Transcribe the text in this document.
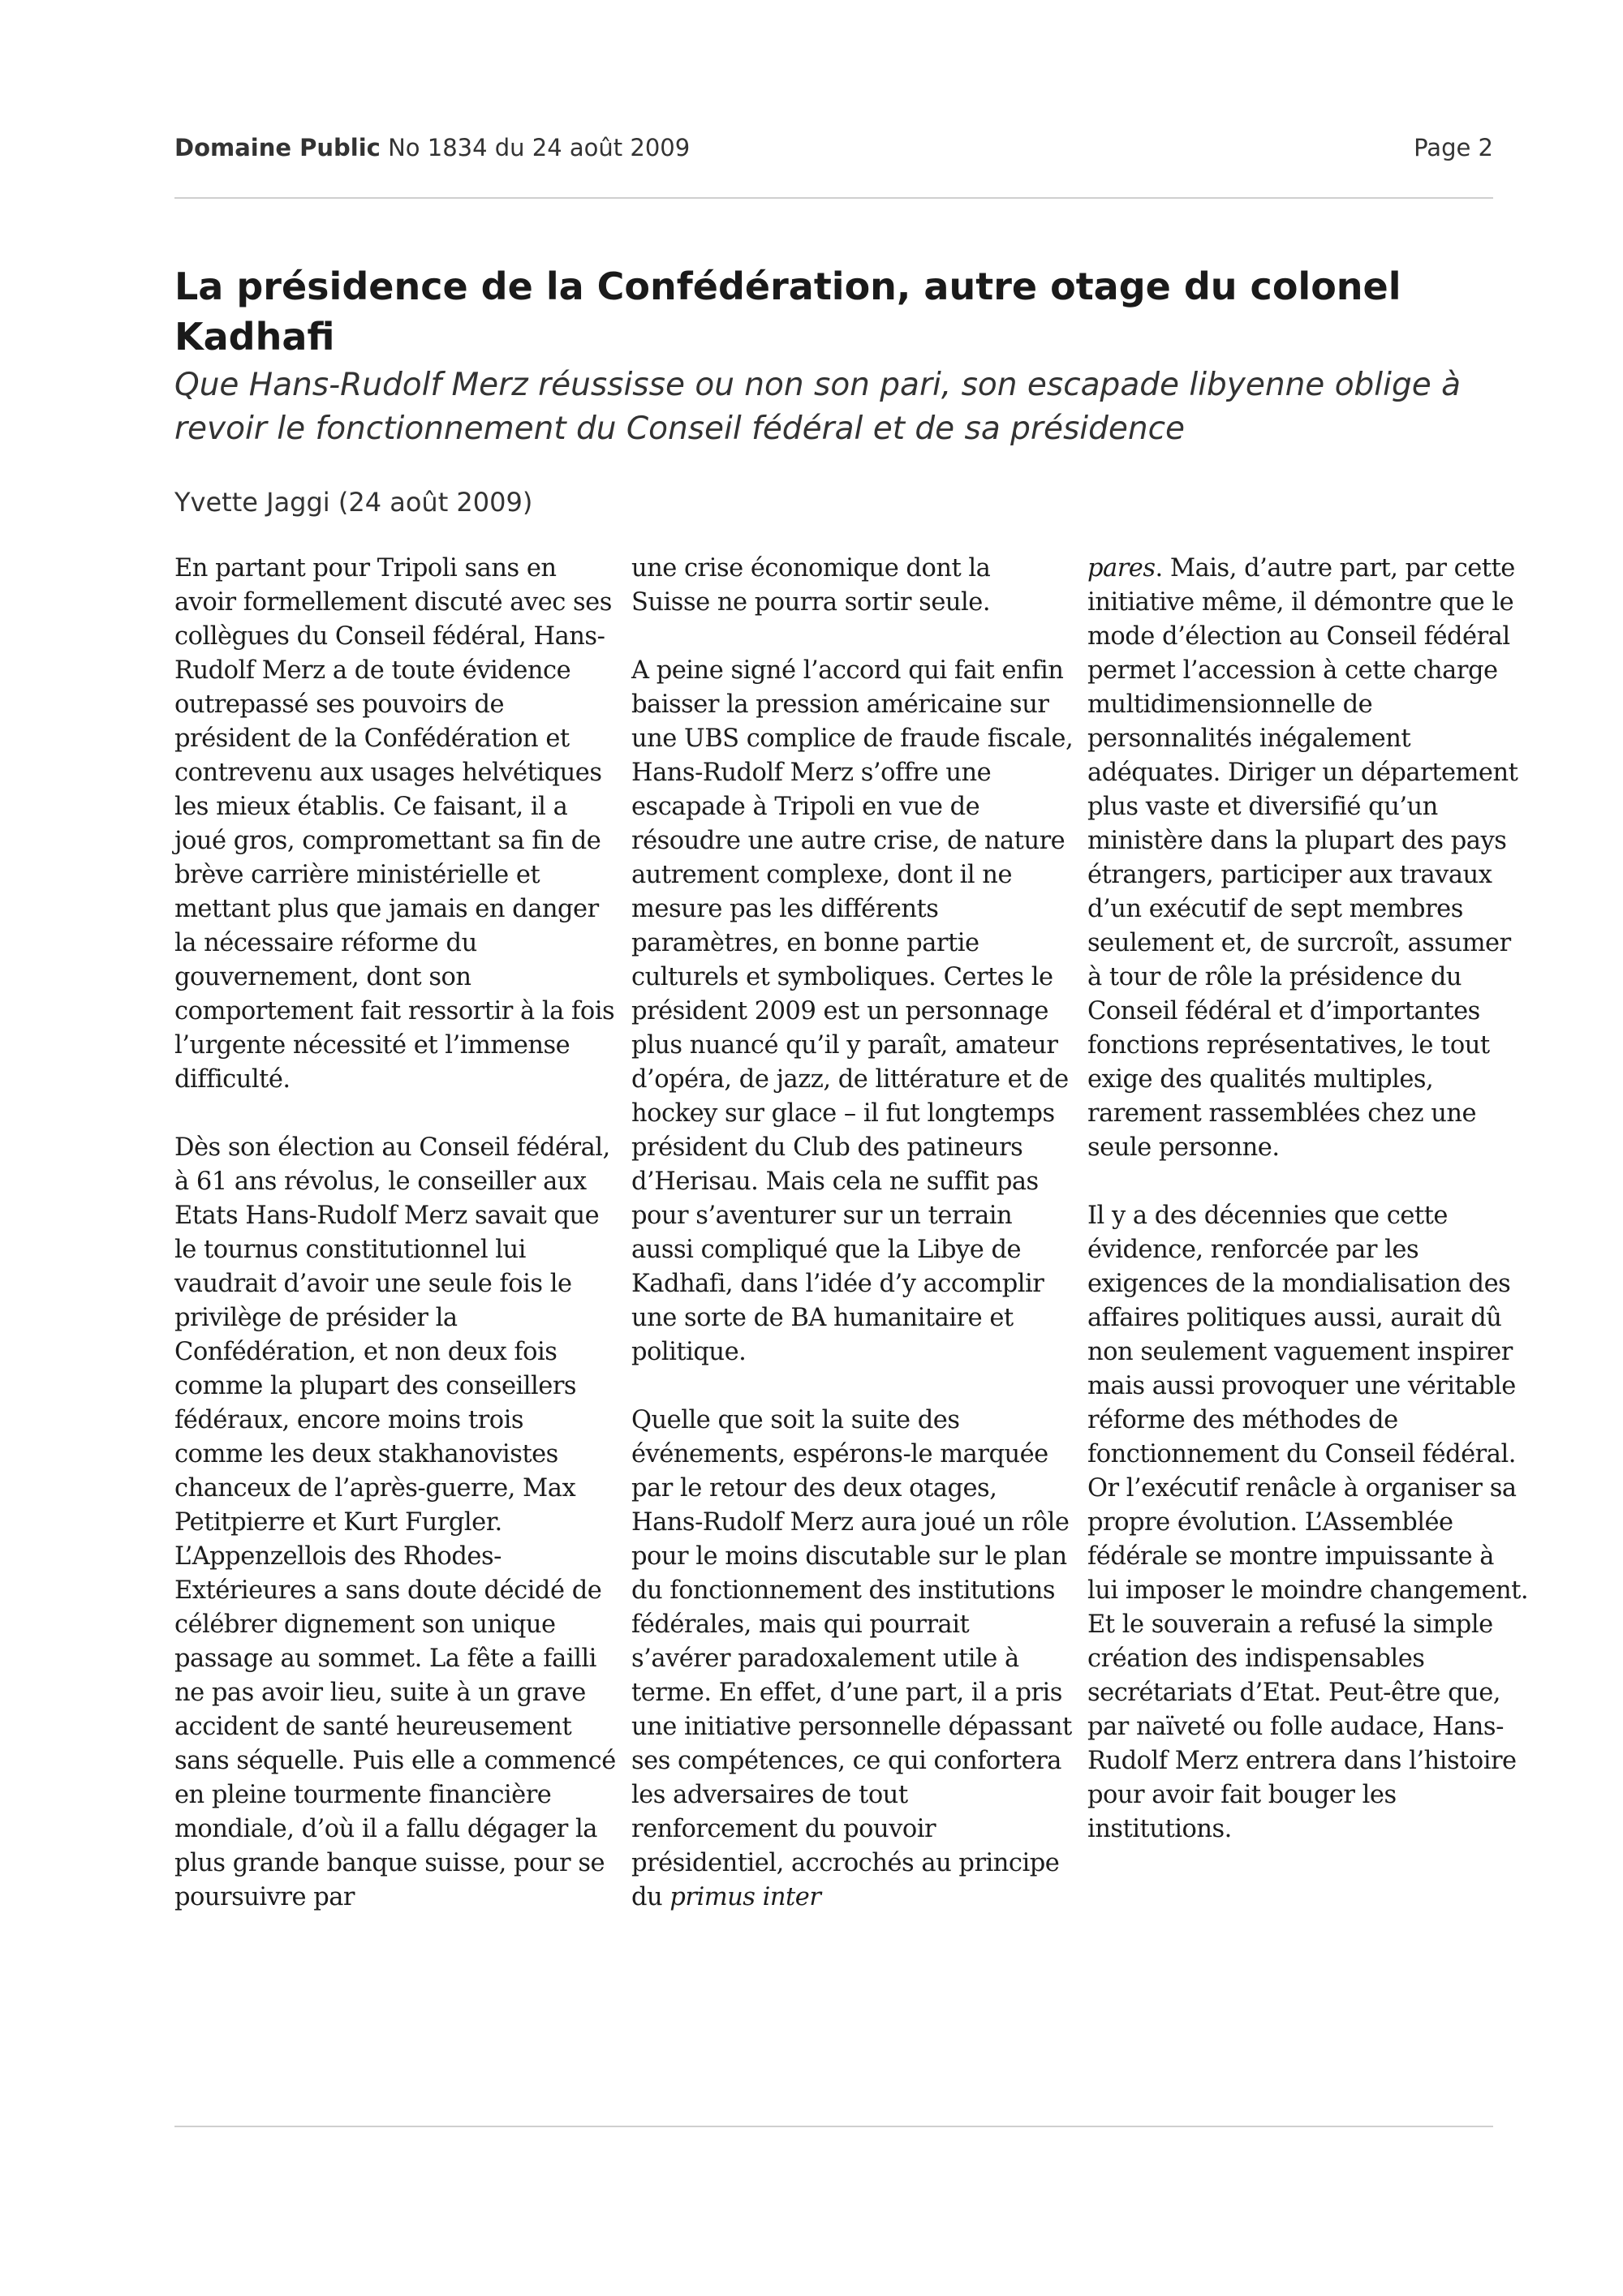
Domaine Public No 1834 du 24 août 2009	Page 2
La présidence de la Confédération, autre otage du colonel Kadhafi

Que Hans-Rudolf Merz réussisse ou non son pari, son escapade libyenne oblige à revoir le fonctionnement du Conseil fédéral et de sa présidence

Yvette Jaggi (24 août 2009)

En partant pour Tripoli sans en avoir formellement discuté avec ses collègues du Conseil fédéral, Hans-Rudolf Merz a de toute évidence outrepassé ses pouvoirs de président de la Confédération et contrevenu aux usages helvétiques les mieux établis. Ce faisant, il a joué gros, compromettant sa fin de brève carrière ministérielle et mettant plus que jamais en danger la nécessaire réforme du gouvernement, dont son comportement fait ressortir à la fois l’urgente nécessité et l’immense difficulté.

Dès son élection au Conseil fédéral, à 61 ans révolus, le conseiller aux Etats Hans-Rudolf Merz savait que le tournus constitutionnel lui vaudrait d’avoir une seule fois le privilège de présider la Confédération, et non deux fois comme la plupart des conseillers fédéraux, encore moins trois comme les deux stakhanovistes chanceux de l’après-guerre, Max Petitpierre et Kurt Furgler. L’Appenzellois des Rhodes-Extérieures a sans doute décidé de célébrer dignement son unique passage au sommet. La fête a failli ne pas avoir lieu, suite à un grave accident de santé heureusement sans séquelle. Puis elle a commencé en pleine tourmente financière mondiale, d’où il a fallu dégager la plus grande banque suisse, pour se poursuivre par

une crise économique dont la Suisse ne pourra sortir seule.

A peine signé l’accord qui fait enfin baisser la pression américaine sur une UBS complice de fraude fiscale, Hans-Rudolf Merz s’offre une escapade à Tripoli en vue de résoudre une autre crise, de nature autrement complexe, dont il ne mesure pas les différents paramètres, en bonne partie culturels et symboliques. Certes le président 2009 est un personnage plus nuancé qu’il y paraît, amateur d’opéra, de jazz, de littérature et de hockey sur glace – il fut longtemps président du Club des patineurs d’Herisau. Mais cela ne suffit pas pour s’aventurer sur un terrain aussi compliqué que la Libye de Kadhafi, dans l’idée d’y accomplir une sorte de BA humanitaire et politique.

Quelle que soit la suite des événements, espérons-le marquée par le retour des deux otages, Hans-Rudolf Merz aura joué un rôle pour le moins discutable sur le plan du fonctionnement des institutions fédérales, mais qui pourrait s’avérer paradoxalement utile à terme. En effet, d’une part, il a pris une initiative personnelle dépassant ses compétences, ce qui confortera les adversaires de tout renforcement du pouvoir présidentiel, accrochés au principe du primus inter

pares. Mais, d’autre part, par cette initiative même, il démontre que le mode d’élection au Conseil fédéral permet l’accession à cette charge multidimensionnelle de personnalités inégalement adéquates. Diriger un département plus vaste et diversifié qu’un ministère dans la plupart des pays étrangers, participer aux travaux d’un exécutif de sept membres seulement et, de surcroît, assumer à tour de rôle la présidence du Conseil fédéral et d’importantes fonctions représentatives, le tout exige des qualités multiples, rarement rassemblées chez une seule personne.

Il y a des décennies que cette évidence, renforcée par les exigences de la mondialisation des affaires politiques aussi, aurait dû non seulement vaguement inspirer mais aussi provoquer une véritable réforme des méthodes de fonctionnement du Conseil fédéral. Or l’exécutif renâcle à organiser sa propre évolution. L’Assemblée fédérale se montre impuissante à lui imposer le moindre changement. Et le souverain a refusé la simple création des indispensables secrétariats d’Etat. Peut-être que, par naïveté ou folle audace, Hans-Rudolf Merz entrera dans l’histoire pour avoir fait bouger les institutions.
